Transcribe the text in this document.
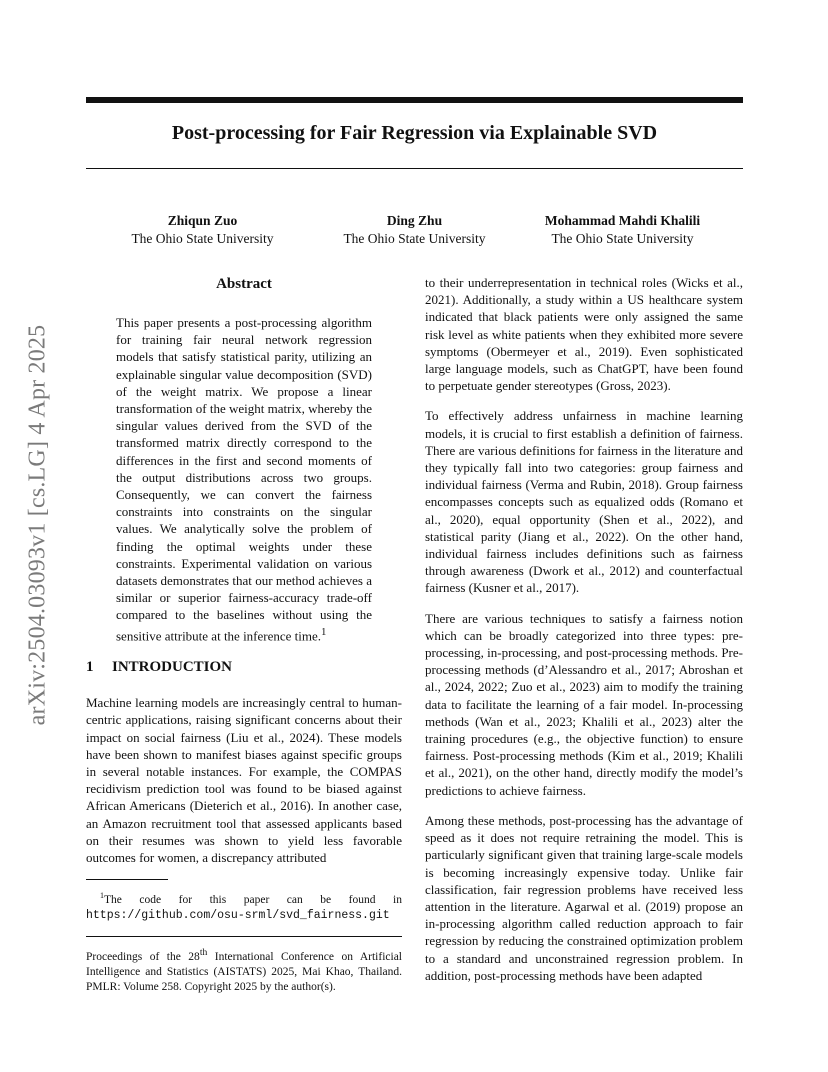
arXiv:2504.03093v1 [cs.LG] 4 Apr 2025
Post-processing for Fair Regression via Explainable SVD
Zhiqun Zuo
The Ohio State University
Ding Zhu
The Ohio State University
Mohammad Mahdi Khalili
The Ohio State University
Abstract

This paper presents a post-processing algorithm for training fair neural network regression models that satisfy statistical parity, utilizing an explainable singular value decomposition (SVD) of the weight matrix. We propose a linear transformation of the weight matrix, whereby the singular values derived from the SVD of the transformed matrix directly correspond to the differences in the first and second moments of the output distributions across two groups. Consequently, we can convert the fairness constraints into constraints on the singular values. We analytically solve the problem of finding the optimal weights under these constraints. Experimental validation on various datasets demonstrates that our method achieves a similar or superior fairness-accuracy trade-off compared to the baselines without using the sensitive attribute at the inference time.$^1$

1 INTRODUCTION

Machine learning models are increasingly central to human-centric applications, raising significant concerns about their impact on social fairness (Liu et al., 2024). These models have been shown to manifest biases against specific groups in several notable instances. For example, the COMPAS recidivism prediction tool was found to be biased against African Americans (Dieterich et al., 2016). In another case, an Amazon recruitment tool that assessed applicants based on their resumes was shown to yield less favorable outcomes for women, a discrepancy attributed

$^1$The code for this paper can be found in https://github.com/osu-srml/svd_fairness.git

Proceedings of the 28th International Conference on Artificial Intelligence and Statistics (AISTATS) 2025, Mai Khao, Thailand. PMLR: Volume 258. Copyright 2025 by the author(s).

to their underrepresentation in technical roles (Wicks et al., 2021). Additionally, a study within a US healthcare system indicated that black patients were only assigned the same risk level as white patients when they exhibited more severe symptoms (Obermeyer et al., 2019). Even sophisticated large language models, such as ChatGPT, have been found to perpetuate gender stereotypes (Gross, 2023).

To effectively address unfairness in machine learning models, it is crucial to first establish a definition of fairness. There are various definitions for fairness in the literature and they typically fall into two categories: group fairness and individual fairness (Verma and Rubin, 2018). Group fairness encompasses concepts such as equalized odds (Romano et al., 2020), equal opportunity (Shen et al., 2022), and statistical parity (Jiang et al., 2022). On the other hand, individual fairness includes definitions such as fairness through awareness (Dwork et al., 2012) and counterfactual fairness (Kusner et al., 2017).

There are various techniques to satisfy a fairness notion which can be broadly categorized into three types: pre-processing, in-processing, and post-processing methods. Pre-processing methods (d’Alessandro et al., 2017; Abroshan et al., 2024, 2022; Zuo et al., 2023) aim to modify the training data to facilitate the learning of a fair model. In-processing methods (Wan et al., 2023; Khalili et al., 2023) alter the training procedures (e.g., the objective function) to ensure fairness. Post-processing methods (Kim et al., 2019; Khalili et al., 2021), on the other hand, directly modify the model’s predictions to achieve fairness.

Among these methods, post-processing has the advantage of speed as it does not require retraining the model. This is particularly significant given that training large-scale models is becoming increasingly expensive today. Unlike fair classification, fair regression problems have received less attention in the literature. Agarwal et al. (2019) propose an in-processing algorithm called reduction approach to fair regression by reducing the constrained optimization problem to a standard and unconstrained regression problem. In addition, post-processing methods have been adapted
